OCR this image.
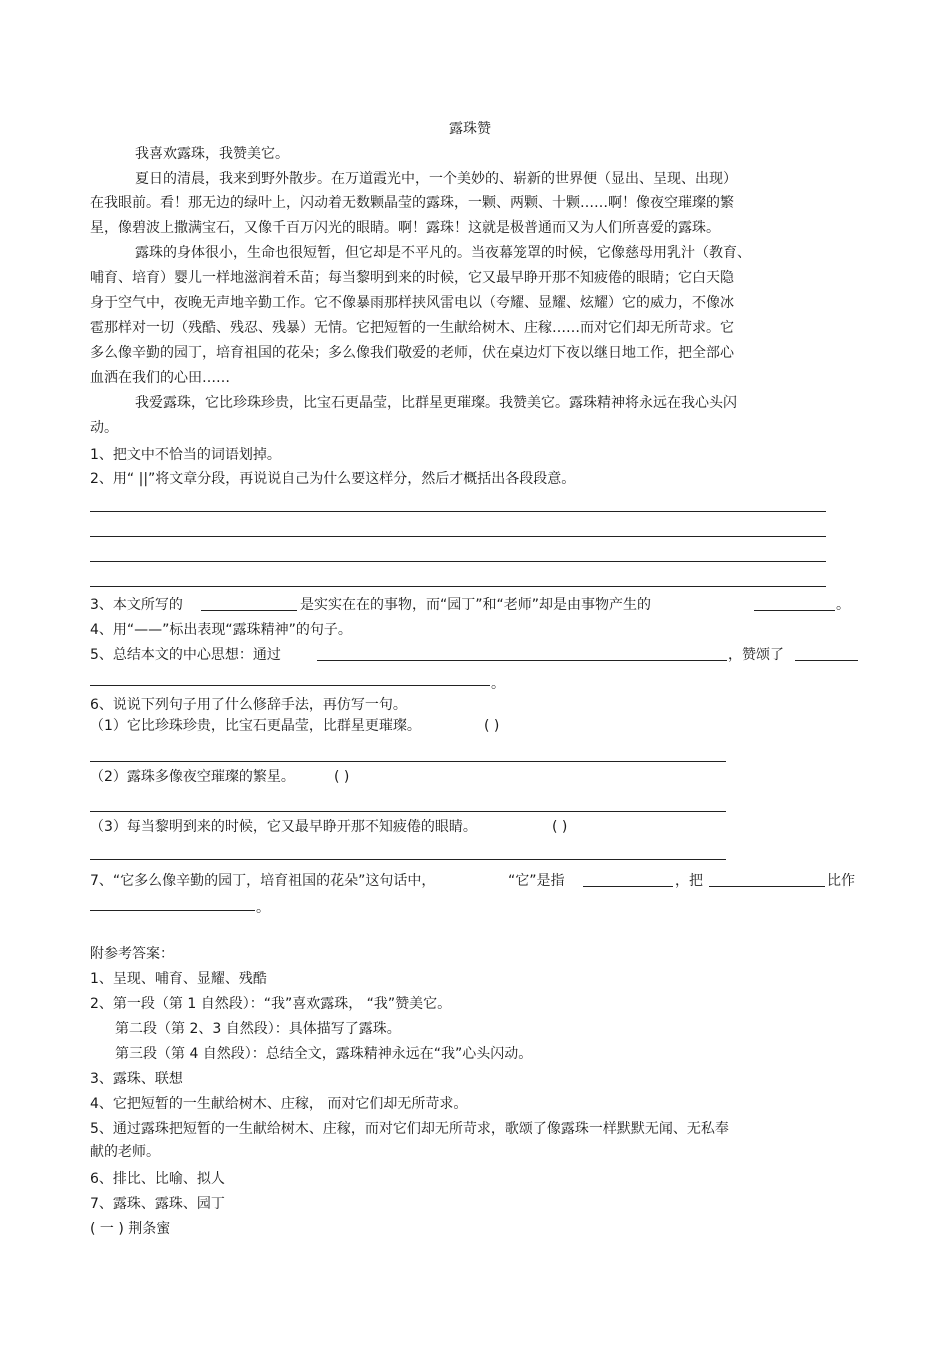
露珠赞
我喜欢露珠，我赞美它。
夏日的清晨，我来到野外散步。在万道霞光中，一个美妙的、崭新的世界便（显出、呈现、出现）
在我眼前。看！那无边的绿叶上，闪动着无数颗晶莹的露珠，一颗、两颗、十颗……啊！像夜空璀璨的繁
星，像碧波上撒满宝石，又像千百万闪光的眼睛。啊！露珠！这就是极普通而又为人们所喜爱的露珠。
露珠的身体很小，生命也很短暂，但它却是不平凡的。当夜幕笼罩的时候，它像慈母用乳汁（教育、
哺育、培育）婴儿一样地滋润着禾苗；每当黎明到来的时候，它又最早睁开那不知疲倦的眼睛；它白天隐
身于空气中，夜晚无声地辛勤工作。它不像暴雨那样挟风雷电以（夸耀、显耀、炫耀）它的威力，不像冰
雹那样对一切（残酷、残忍、残暴）无情。它把短暂的一生献给树木、庄稼……而对它们却无所苛求。它
多么像辛勤的园丁，培育祖国的花朵；多么像我们敬爱的老师，伏在桌边灯下夜以继日地工作，把全部心
血洒在我们的心田……
我爱露珠，它比珍珠珍贵，比宝石更晶莹，比群星更璀璨。我赞美它。露珠精神将永远在我心头闪
动。
1、把文中不恰当的词语划掉。
2、用“ ||”将文章分段，再说说自己为什么要这样分，然后才概括出各段段意。
3、本文所写的	是实实在在的事物，而“园丁”和“老师”却是由事物产生的	。
4、用“——”标出表现“露珠精神”的句子。
5、总结本文的中心思想：通过	，赞颂了
。
6、说说下列句子用了什么修辞手法，再仿写一句。
（1）它比珍珠珍贵，比宝石更晶莹，比群星更璀璨。	( )
（2）露珠多像夜空璀璨的繁星。	( )
（3）每当黎明到来的时候，它又最早睁开那不知疲倦的眼睛。	( )
7、“它多么像辛勤的园丁，培育祖国的花朵”这句话中，	“它”是指	，把	比作
。
附参考答案：
1、呈现、哺育、显耀、残酷
2、第一段（第 1 自然段）：“我”喜欢露珠， “我”赞美它。
第二段（第 2、3 自然段）：具体描写了露珠。
第三段（第 4 自然段）：总结全文，露珠精神永远在“我”心头闪动。
3、露珠、联想
4、它把短暂的一生献给树木、庄稼， 而对它们却无所苛求。
5、通过露珠把短暂的一生献给树木、庄稼，而对它们却无所苛求，歌颂了像露珠一样默默无闻、无私奉
献的老师。
6、排比、比喻、拟人
7、露珠、露珠、园丁
( 一 ) 荆条蜜
